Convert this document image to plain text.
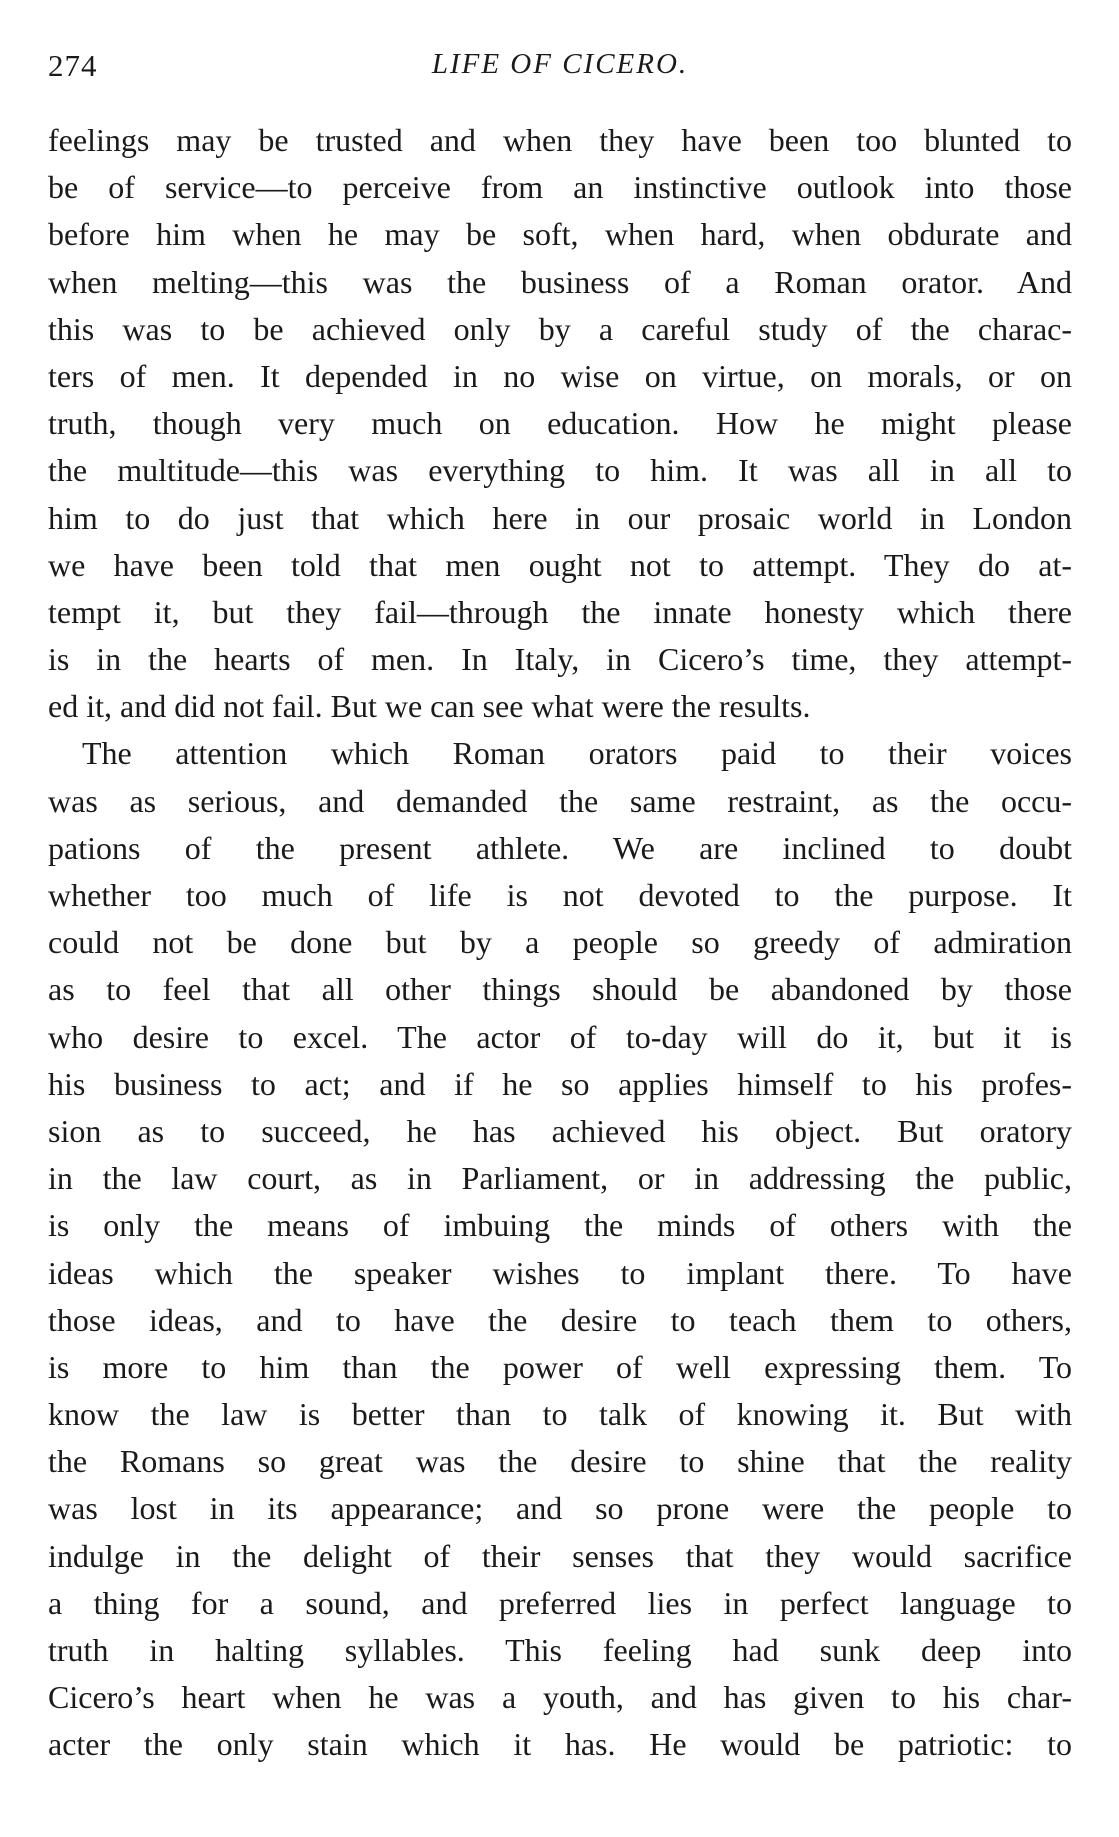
274	LIFE OF CICERO.
feelings may be trusted and when they have been too blunted to
be of service—to perceive from an instinctive outlook into those
before him when he may be soft, when hard, when obdurate and
when melting—this was the business of a Roman orator. And
this was to be achieved only by a careful study of the charac-
ters of men. It depended in no wise on virtue, on morals, or on
truth, though very much on education. How he might please
the multitude—this was everything to him. It was all in all to
him to do just that which here in our prosaic world in London
we have been told that men ought not to attempt. They do at-
tempt it, but they fail—through the innate honesty which there
is in the hearts of men. In Italy, in Cicero’s time, they attempt-
ed it, and did not fail. But we can see what were the results.
The attention which Roman orators paid to their voices
was as serious, and demanded the same restraint, as the occu-
pations of the present athlete. We are inclined to doubt
whether too much of life is not devoted to the purpose. It
could not be done but by a people so greedy of admiration
as to feel that all other things should be abandoned by those
who desire to excel. The actor of to-day will do it, but it is
his business to act; and if he so applies himself to his profes-
sion as to succeed, he has achieved his object. But oratory
in the law court, as in Parliament, or in addressing the public,
is only the means of imbuing the minds of others with the
ideas which the speaker wishes to implant there. To have
those ideas, and to have the desire to teach them to others,
is more to him than the power of well expressing them. To
know the law is better than to talk of knowing it. But with
the Romans so great was the desire to shine that the reality
was lost in its appearance; and so prone were the people to
indulge in the delight of their senses that they would sacrifice
a thing for a sound, and preferred lies in perfect language to
truth in halting syllables. This feeling had sunk deep into
Cicero’s heart when he was a youth, and has given to his char-
acter the only stain which it has. He would be patriotic: to
